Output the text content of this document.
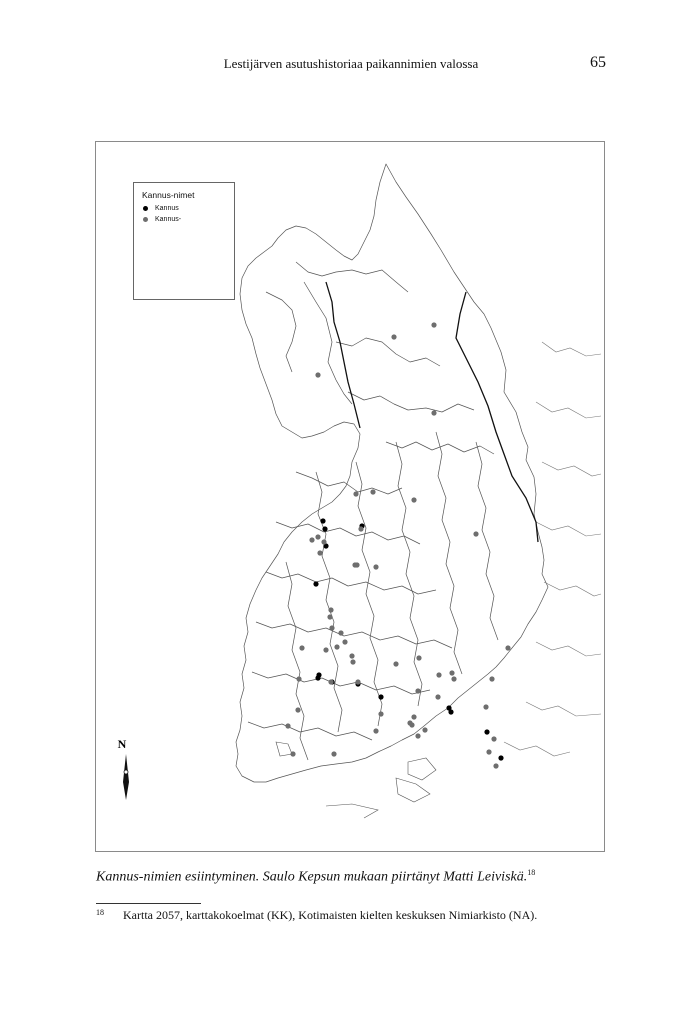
Lestijärven asutushistoriaa paikannimien valossa	65
N
Kannus-nimet
Kannus
Kannus-
Kannus-nimien esiintyminen. Saulo Kepsun mukaan piirtänyt Matti Leiviskä.$^{18}$
$^{18}$ Kartta 2057, karttakokoelmat (KK), Kotimaisten kielten keskuksen Nimiarkisto (NA).
